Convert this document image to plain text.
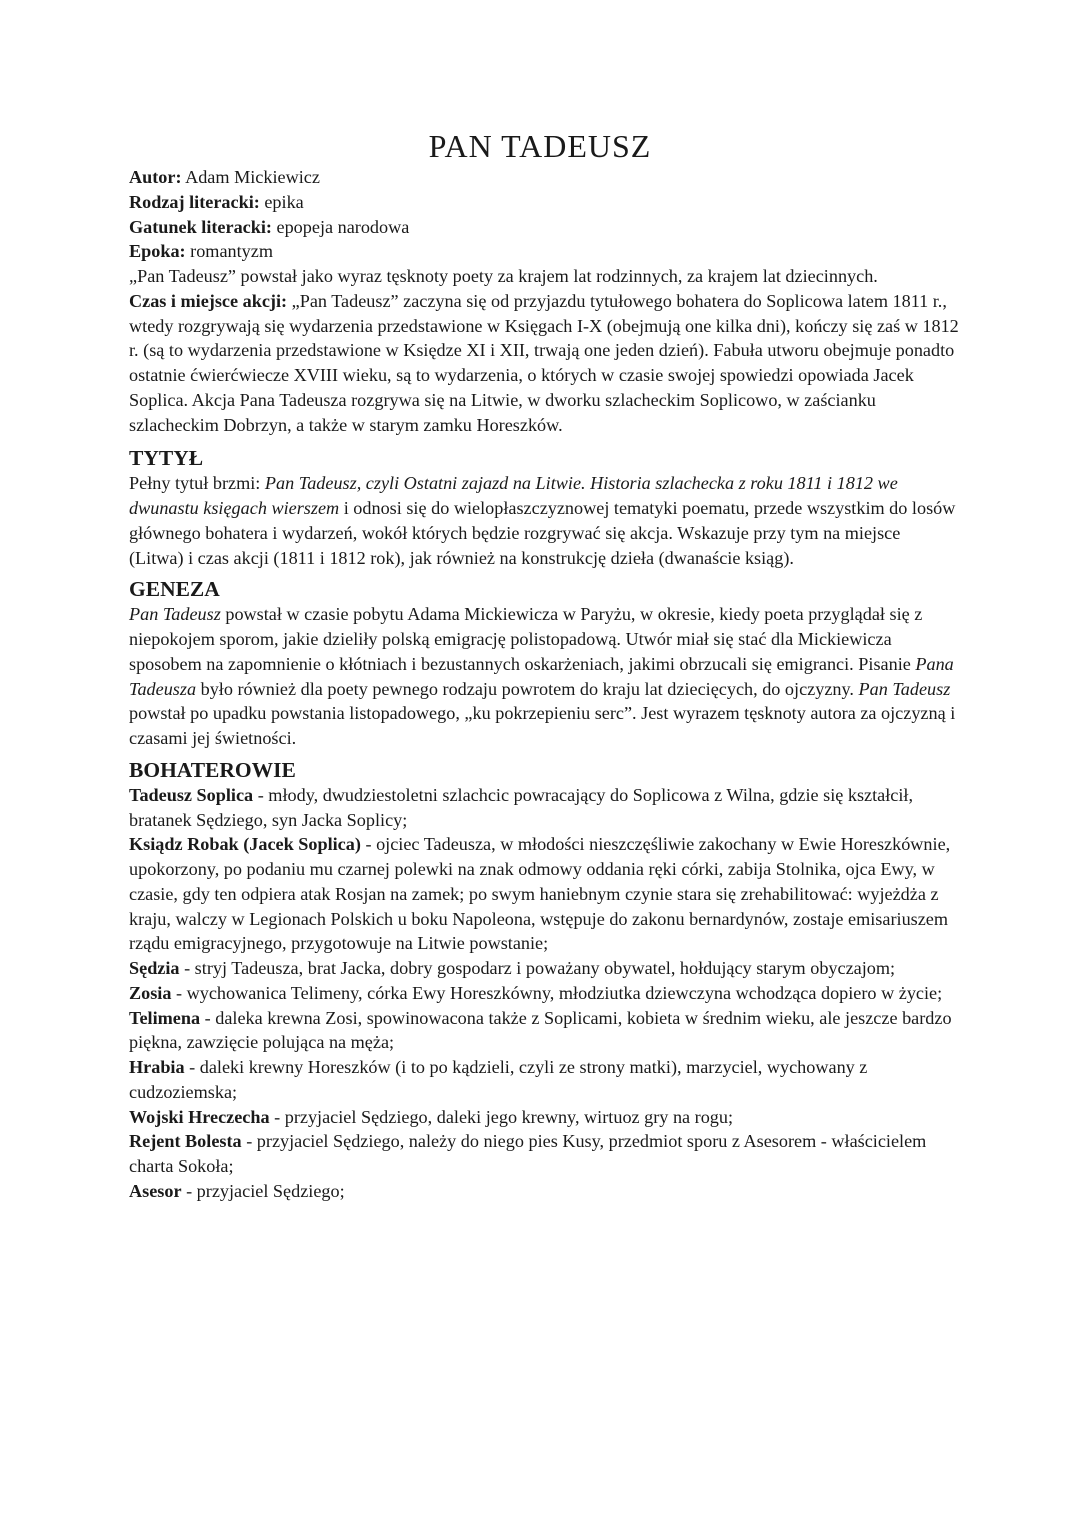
PAN TADEUSZ

Autor: Adam Mickiewicz

Rodzaj literacki: epika

Gatunek literacki: epopeja narodowa

Epoka: romantyzm

„Pan Tadeusz” powstał jako wyraz tęsknoty poety za krajem lat rodzinnych, za krajem lat dziecinnych.

Czas i miejsce akcji: „Pan Tadeusz” zaczyna się od przyjazdu tytułowego bohatera do Soplicowa latem 1811 r., wtedy rozgrywają się wydarzenia przedstawione w Księgach I-X (obejmują one kilka dni), kończy się zaś w 1812 r. (są to wydarzenia przedstawione w Księdze XI i XII, trwają one jeden dzień). Fabuła utworu obejmuje ponadto ostatnie ćwierćwiecze XVIII wieku, są to wydarzenia, o których w czasie swojej spowiedzi opowiada Jacek Soplica. Akcja Pana Tadeusza rozgrywa się na Litwie, w dworku szlacheckim Soplicowo, w zaścianku szlacheckim Dobrzyn, a także w starym zamku Horeszków.

TYTYŁ

Pełny tytuł brzmi: Pan Tadeusz, czyli Ostatni zajazd na Litwie. Historia szlachecka z roku 1811 i 1812 we dwunastu księgach wierszem i odnosi się do wielopłaszczyznowej tematyki poematu, przede wszystkim do losów głównego bohatera i wydarzeń, wokół których będzie rozgrywać się akcja. Wskazuje przy tym na miejsce (Litwa) i czas akcji (1811 i 1812 rok), jak również na konstrukcję dzieła (dwanaście ksiąg).

GENEZA

Pan Tadeusz powstał w czasie pobytu Adama Mickiewicza w Paryżu, w okresie, kiedy poeta przyglądał się z niepokojem sporom, jakie dzieliły polską emigrację polistopadową. Utwór miał się stać dla Mickiewicza sposobem na zapomnienie o kłótniach i bezustannych oskarżeniach, jakimi obrzucali się emigranci. Pisanie Pana Tadeusza było również dla poety pewnego rodzaju powrotem do kraju lat dziecięcych, do ojczyzny. Pan Tadeusz powstał po upadku powstania listopadowego, „ku pokrzepieniu serc”. Jest wyrazem tęsknoty autora za ojczyzną i czasami jej świetności.

BOHATEROWIE

Tadeusz Soplica - młody, dwudziestoletni szlachcic powracający do Soplicowa z Wilna, gdzie się kształcił, bratanek Sędziego, syn Jacka Soplicy;

Ksiądz Robak (Jacek Soplica) - ojciec Tadeusza, w młodości nieszczęśliwie zakochany w Ewie Horeszkównie, upokorzony, po podaniu mu czarnej polewki na znak odmowy oddania ręki córki, zabija Stolnika, ojca Ewy, w czasie, gdy ten odpiera atak Rosjan na zamek; po swym haniebnym czynie stara się zrehabilitować: wyjeżdża z kraju, walczy w Legionach Polskich u boku Napoleona, wstępuje do zakonu bernardynów, zostaje emisariuszem rządu emigracyjnego, przygotowuje na Litwie powstanie;

Sędzia - stryj Tadeusza, brat Jacka, dobry gospodarz i poważany obywatel, hołdujący starym obyczajom;

Zosia - wychowanica Telimeny, córka Ewy Horeszkówny, młodziutka dziewczyna wchodząca dopiero w życie;

Telimena - daleka krewna Zosi, spowinowacona także z Soplicami, kobieta w średnim wieku, ale jeszcze bardzo piękna, zawzięcie polująca na męża;

Hrabia - daleki krewny Horeszków (i to po kądzieli, czyli ze strony matki), marzyciel, wychowany z cudzoziemska;

Wojski Hreczecha - przyjaciel Sędziego, daleki jego krewny, wirtuoz gry na rogu;

Rejent Bolesta - przyjaciel Sędziego, należy do niego pies Kusy, przedmiot sporu z Asesorem - właścicielem charta Sokoła;

Asesor - przyjaciel Sędziego;
